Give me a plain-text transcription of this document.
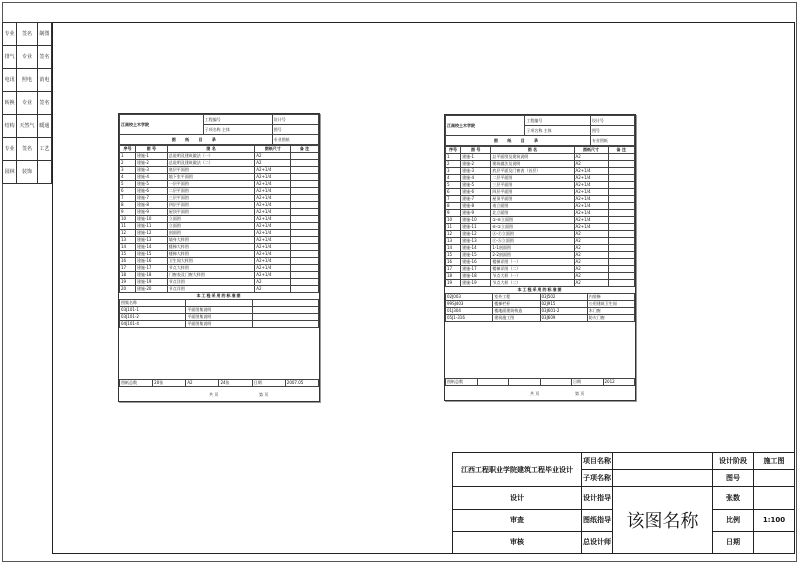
专业	签名	制图
排气	专业	签名
电讯	照电	消电
转换	专业	签名
结构	天然气	暖通
专业	签名	工艺
园林	装饰	
江南校土木学院	工程编号	设计号
	子项名称 主体	图号
图 纸 目 录		专业图纸
序号	图 号	图 名	图纸尺寸	备 注
1	建施-1	总说明及建筑做法（一）	A2	
2	建施-2	总说明及建筑做法（二）	A2	
3	建施-3	底层平面图	A2+1/4	
4	建施-4	地下室平面图	A2+1/4	
5	建施-5	一层平面图	A2+1/4	
6	建施-6	二层平面图	A2+1/4	
7	建施-7	三层平面图	A2+1/4	
8	建施-8	四层平面图	A2+1/4	
9	建施-9	屋顶平面图	A2+1/4	
10	建施-10	立面图	A2+1/4	
11	建施-11	立面图	A2+1/4	
12	建施-12	剖面图	A2+1/4	
13	建施-13	墙身大样图	A2+1/4	
14	建施-14	楼梯大样图	A2+1/4	
15	建施-15	楼梯大样图	A2+1/4	
16	建施-16	卫生间大样图	A2+1/4	
17	建施-17	节点大样图	A2+1/4	
18	建施-18	门窗表及门窗大样图	A2+1/4	
19	建施-19	节点详图	A2	
20	建施-20	节点详图	A2	
本工程采用的标准图
图集名称		
03J101-1	平面图集说明	
03J101-2	平面图集说明	
04J101-4	平面图集说明	
图纸总数	20张	A2	24张	日期	2007.05
共 页	第 页
江南校土木学院	工程编号	设计号
	子项名称 主体	图号
图 纸 目 录		专业图纸
序号	图 号	图 名	图纸尺寸	备 注
1	建施-1	总平面图及建筑说明	A2	
2	建施-2	建筑做法及说明	A2	
3	建施-3	底层平面及门窗表（首层）	A2+1/4	
4	建施-4	二层平面图	A2+1/4	
5	建施-5	三层平面图	A2+1/4	
6	建施-6	四层平面图	A2+1/4	
7	建施-7	屋顶平面图	A2+1/4	
8	建施-8	南立面图	A2+1/4	
9	建施-9	北立面图	A2+1/4	
10	建施-10	①-⑥立面图	A2+1/4	
11	建施-11	⑥-①立面图	A2+1/4	
12	建施-12	Ⓐ-Ⓕ立面图	A2	
13	建施-13	Ⓕ-Ⓐ立面图	A2	
14	建施-14	1-1剖面图	A2	
15	建施-15	2-2剖面图	A2	
16	建施-16	楼梯详图（一）	A2	
17	建施-17	楼梯详图（二）	A2	
18	建施-18	节点大样（一）	A2	
19	建施-19	节点大样（二）	A2	
本工程采用的标准图
02J003	室外工程	03J502	内装修
99SJ403	楼梯栏杆	02J915	公用建筑卫生间
01J304	楼地面建筑构造	03J601-2	木门窗
05J1-316	建筑施工图	03J609	防火门窗
图纸总数				日期	2012
共 页	第 页
江西工程职业学院建筑工程毕业设计	项目名称		设计阶段	施工图
	子项名称		图号	
设计	设计指导	该图名称	张数	
审查	图纸指导		比例	1:100
审核	总设计师		日期	
